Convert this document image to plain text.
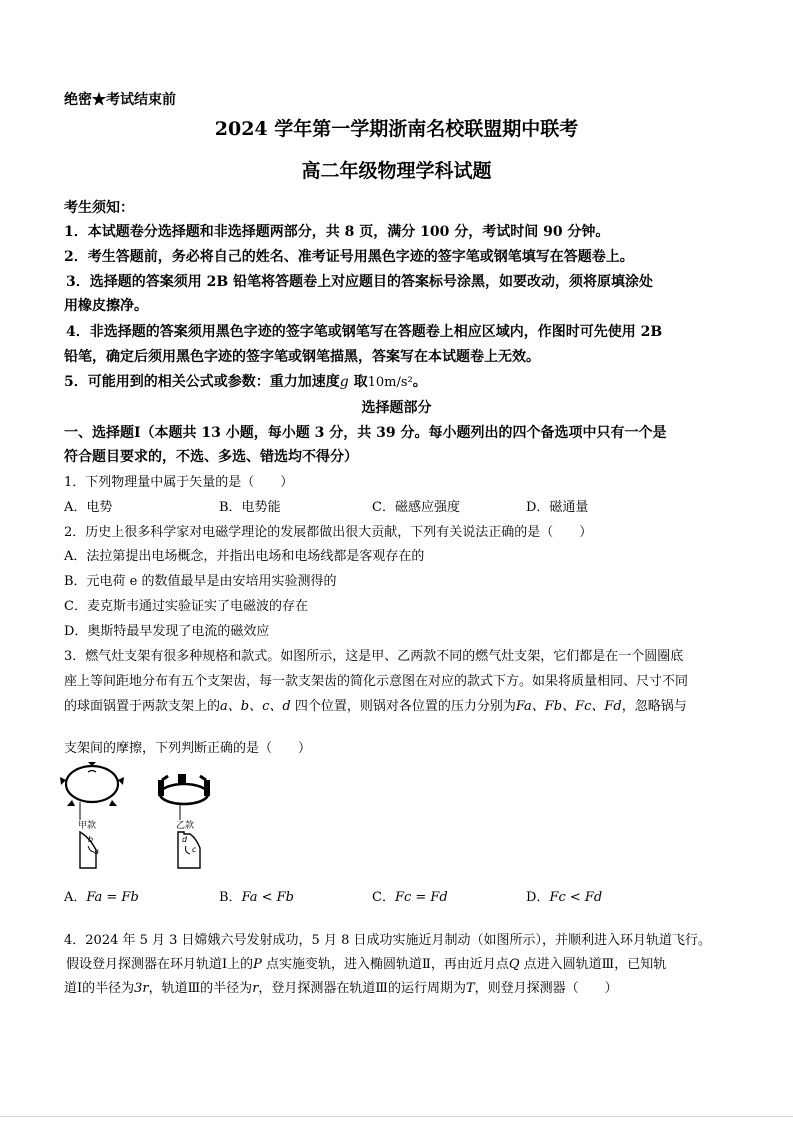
绝密★考试结束前
2024 学年第一学期浙南名校联盟期中联考
高二年级物理学科试题
考生须知：
1．本试题卷分选择题和非选择题两部分，共 8 页，满分 100 分，考试时间 90 分钟。
2．考生答题前，务必将自己的姓名、准考证号用黑色字迹的签字笔或钢笔填写在答题卷上。
3．选择题的答案须用 2B 铅笔将答题卷上对应题目的答案标号涂黑，如要改动，须将原填涂处
用橡皮擦净。
4．非选择题的答案须用黑色字迹的签字笔或钢笔写在答题卷上相应区域内，作图时可先使用 2B
铅笔，确定后须用黑色字迹的签字笔或钢笔描黑，答案写在本试题卷上无效。
5．可能用到的相关公式或参数：重力加速度g 取10m/s²。
选择题部分
一、选择题Ⅰ（本题共 13 小题，每小题 3 分，共 39 分。每小题列出的四个备选项中只有一个是
符合题目要求的，不选、多选、错选均不得分）
1．下列物理量中属于矢量的是（　　）
A．电势	B．电势能	C．磁感应强度	D．磁通量
2．历史上很多科学家对电磁学理论的发展都做出很大贡献，下列有关说法正确的是（　　）
A．法拉第提出电场概念，并指出电场和电场线都是客观存在的
B．元电荷 e 的数值最早是由安培用实验测得的
C．麦克斯韦通过实验证实了电磁波的存在
D．奥斯特最早发现了电流的磁效应
3．燃气灶支架有很多种规格和款式。如图所示，这是甲、乙两款不同的燃气灶支架，它们都是在一个圆圈底
座上等间距地分布有五个支架齿，每一款支架齿的简化示意图在对应的款式下方。如果将质量相同、尺寸不同
的球面锅置于两款支架上的a、b、c、d 四个位置，则锅对各位置的压力分别为Fa、Fb、Fc、Fd，忽略锅与
支架间的摩擦，下列判断正确的是（　　）
甲款
b
a
乙款
d
c
A．Fa = Fb	B．Fa < Fb	C．Fc = Fd	D．Fc < Fd
4．2024 年 5 月 3 日嫦娥六号发射成功，5 月 8 日成功实施近月制动（如图所示），并顺利进入环月轨道飞行。
假设登月探测器在环月轨道Ⅰ上的P 点实施变轨，进入椭圆轨道Ⅱ，再由近月点Q 点进入圆轨道Ⅲ，已知轨
道Ⅰ的半径为3r，轨道Ⅲ的半径为r，登月探测器在轨道Ⅲ的运行周期为T，则登月探测器（　　）
